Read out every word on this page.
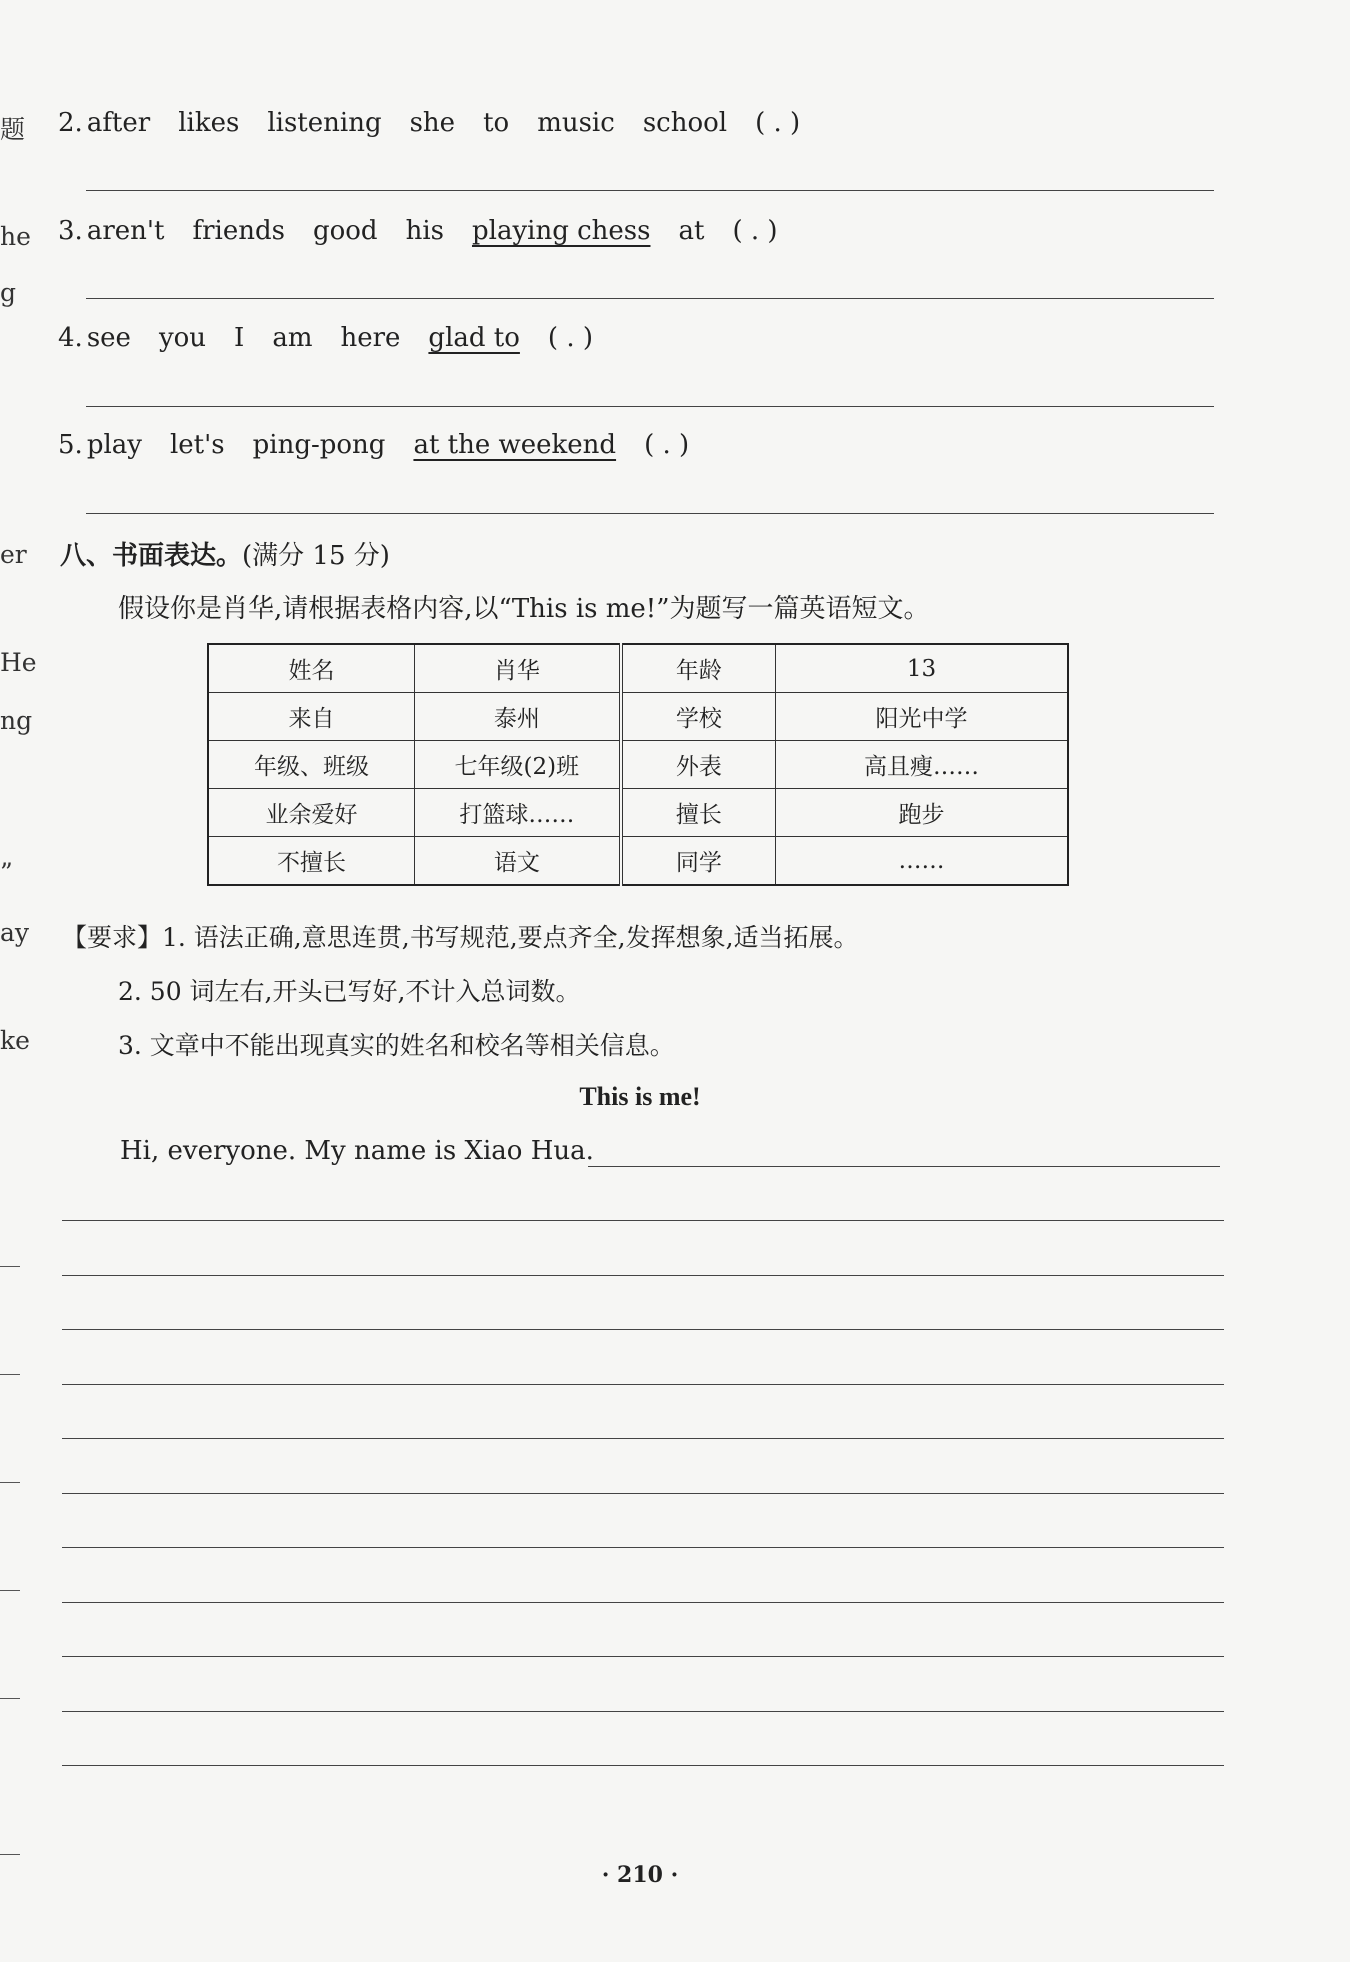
题
he
g
er
He
ng
”
ay
ke
2. after likes listening she to music school ( . )
3. aren't friends good his playing chess at ( . )
4. see you I am here glad to ( . )
5. play let's ping-pong at the weekend ( . )
八、书面表达。(满分 15 分)
假设你是肖华,请根据表格内容,以“This is me!”为题写一篇英语短文。
姓名	肖华	年龄	13
来自	泰州	学校	阳光中学
年级、班级	七年级(2)班	外表	高且瘦……
业余爱好	打篮球……	擅长	跑步
不擅长	语文	同学	……
【要求】1. 语法正确,意思连贯,书写规范,要点齐全,发挥想象,适当拓展。
2. 50 词左右,开头已写好,不计入总词数。
3. 文章中不能出现真实的姓名和校名等相关信息。
This is me!
Hi, everyone. My name is Xiao Hua.
· 210 ·
